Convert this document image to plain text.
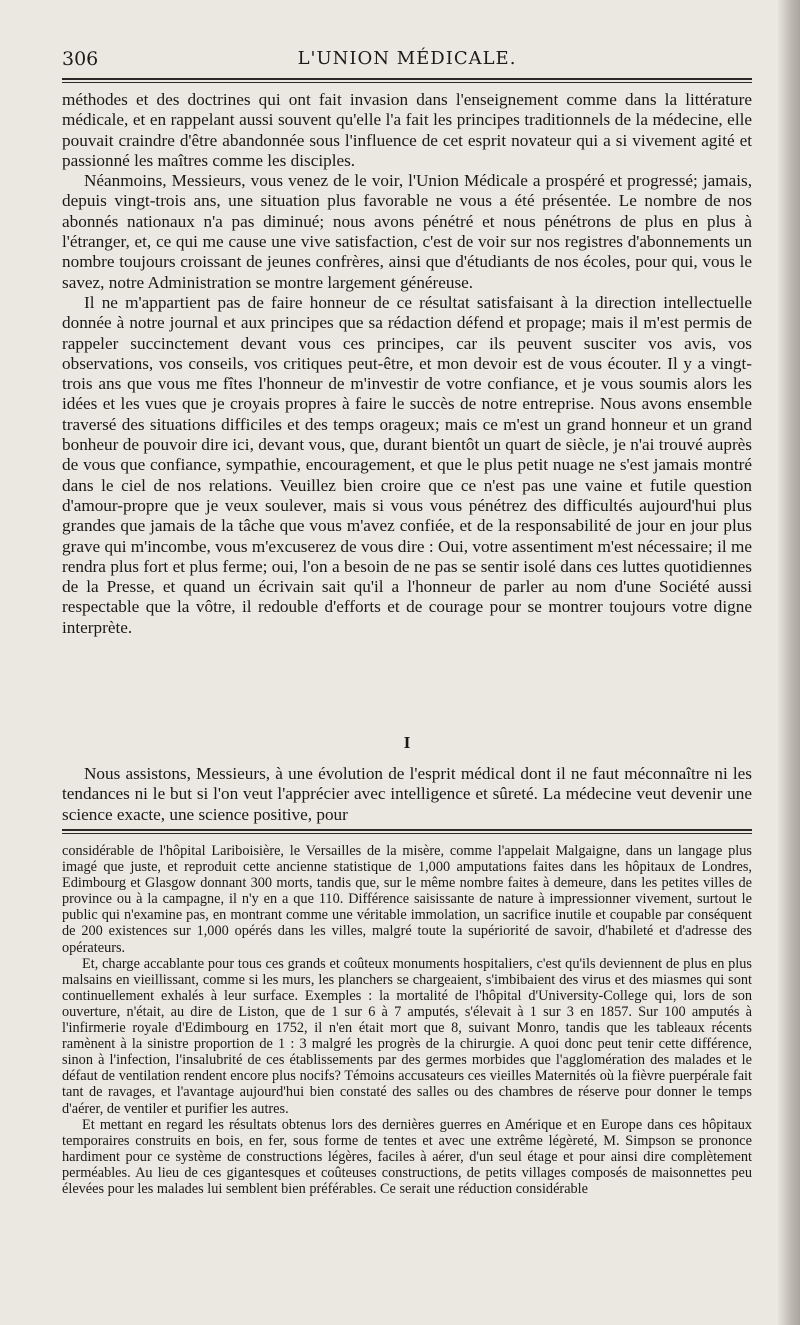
306	L'UNION MÉDICALE.

méthodes et des doctrines qui ont fait invasion dans l'enseignement comme dans la littérature médicale, et en rappelant aussi souvent qu'elle l'a fait les principes traditionnels de la médecine, elle pouvait craindre d'être abandonnée sous l'influence de cet esprit novateur qui a si vivement agité et passionné les maîtres comme les disciples.

Néanmoins, Messieurs, vous venez de le voir, l'Union Médicale a prospéré et progressé; jamais, depuis vingt-trois ans, une situation plus favorable ne vous a été présentée. Le nombre de nos abonnés nationaux n'a pas diminué; nous avons pénétré et nous pénétrons de plus en plus à l'étranger, et, ce qui me cause une vive satisfaction, c'est de voir sur nos registres d'abonnements un nombre toujours croissant de jeunes confrères, ainsi que d'étudiants de nos écoles, pour qui, vous le savez, notre Administration se montre largement généreuse.

Il ne m'appartient pas de faire honneur de ce résultat satisfaisant à la direction intellectuelle donnée à notre journal et aux principes que sa rédaction défend et propage; mais il m'est permis de rappeler succinctement devant vous ces principes, car ils peuvent susciter vos avis, vos observations, vos conseils, vos critiques peut-être, et mon devoir est de vous écouter. Il y a vingt-trois ans que vous me fîtes l'honneur de m'investir de votre confiance, et je vous soumis alors les idées et les vues que je croyais propres à faire le succès de notre entreprise. Nous avons ensemble traversé des situations difficiles et des temps orageux; mais ce m'est un grand honneur et un grand bonheur de pouvoir dire ici, devant vous, que, durant bientôt un quart de siècle, je n'ai trouvé auprès de vous que confiance, sympathie, encouragement, et que le plus petit nuage ne s'est jamais montré dans le ciel de nos relations. Veuillez bien croire que ce n'est pas une vaine et futile question d'amour-propre que je veux soulever, mais si vous vous pénétrez des difficultés aujourd'hui plus grandes que jamais de la tâche que vous m'avez confiée, et de la responsabilité de jour en jour plus grave qui m'incombe, vous m'excuserez de vous dire : Oui, votre assentiment m'est nécessaire; il me rendra plus fort et plus ferme; oui, l'on a besoin de ne pas se sentir isolé dans ces luttes quotidiennes de la Presse, et quand un écrivain sait qu'il a l'honneur de parler au nom d'une Société aussi respectable que la vôtre, il redouble d'efforts et de courage pour se montrer toujours votre digne interprète.

I

Nous assistons, Messieurs, à une évolution de l'esprit médical dont il ne faut méconnaître ni les tendances ni le but si l'on veut l'apprécier avec intelligence et sûreté. La médecine veut devenir une science exacte, une science positive, pour

considérable de l'hôpital Lariboisière, le Versailles de la misère, comme l'appelait Malgaigne, dans un langage plus imagé que juste, et reproduit cette ancienne statistique de 1,000 amputations faites dans les hôpitaux de Londres, Edimbourg et Glasgow donnant 300 morts, tandis que, sur le même nombre faites à demeure, dans les petites villes de province ou à la campagne, il n'y en a que 110. Différence saisissante de nature à impressionner vivement, surtout le public qui n'examine pas, en montrant comme une véritable immolation, un sacrifice inutile et coupable par conséquent de 200 existences sur 1,000 opérés dans les villes, malgré toute la supériorité de savoir, d'habileté et d'adresse des opérateurs.

Et, charge accablante pour tous ces grands et coûteux monuments hospitaliers, c'est qu'ils deviennent de plus en plus malsains en vieillissant, comme si les murs, les planchers se chargeaient, s'imbibaient des virus et des miasmes qui sont continuellement exhalés à leur surface. Exemples : la mortalité de l'hôpital d'University-College qui, lors de son ouverture, n'était, au dire de Liston, que de 1 sur 6 à 7 amputés, s'élevait à 1 sur 3 en 1857. Sur 100 amputés à l'infirmerie royale d'Edimbourg en 1752, il n'en était mort que 8, suivant Monro, tandis que les tableaux récents ramènent à la sinistre proportion de 1 : 3 malgré les progrès de la chirurgie. A quoi donc peut tenir cette différence, sinon à l'infection, l'insalubrité de ces établissements par des germes morbides que l'agglomération des malades et le défaut de ventilation rendent encore plus nocifs? Témoins accusateurs ces vieilles Maternités où la fièvre puerpérale fait tant de ravages, et l'avantage aujourd'hui bien constaté des salles ou des chambres de réserve pour donner le temps d'aérer, de ventiler et purifier les autres.

Et mettant en regard les résultats obtenus lors des dernières guerres en Amérique et en Europe dans ces hôpitaux temporaires construits en bois, en fer, sous forme de tentes et avec une extrême légèreté, M. Simpson se prononce hardiment pour ce système de constructions légères, faciles à aérer, d'un seul étage et pour ainsi dire complètement perméables. Au lieu de ces gigantesques et coûteuses constructions, de petits villages composés de maisonnettes peu élevées pour les malades lui semblent bien préférables. Ce serait une réduction considérable
